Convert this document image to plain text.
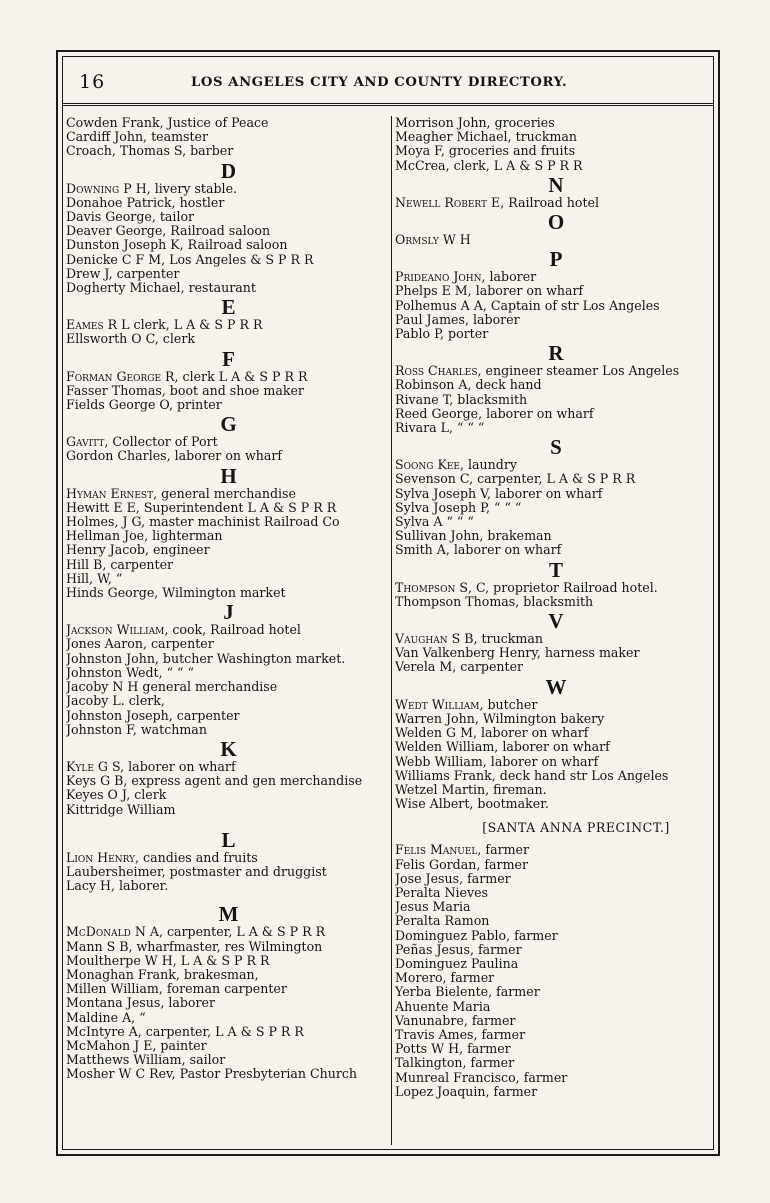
16	LOS ANGELES CITY AND COUNTY DIRECTORY.
Cowden Frank, Justice of Peace
Cardiff John, teamster
Croach, Thomas S, barber
D
Downing P H, livery stable.
Donahoe Patrick, hostler
Davis George, tailor
Deaver George, Railroad saloon
Dunston Joseph K, Railroad saloon
Denicke C F M, Los Angeles & S P R R
Drew J, carpenter
Dogherty Michael, restaurant
E
Eames R L clerk, L A & S P R R
Ellsworth O C, clerk
F
Forman George R, clerk L A & S P R R
Fasser Thomas, boot and shoe maker
Fields George O, printer
G
Gavitt, Collector of Port
Gordon Charles, laborer on wharf
H
Hyman Ernest, general merchandise
Hewitt E E, Superintendent L A & S P R R
Holmes, J G, master machinist Railroad Co
Hellman Joe, lighterman
Henry Jacob, engineer
Hill B, carpenter
Hill, W, “
Hinds George, Wilmington market
J
Jackson William, cook, Railroad hotel
Jones Aaron, carpenter
Johnston John, butcher Washington market.
Johnston Wedt, “ “ “
Jacoby N H general merchandise
Jacoby L. clerk,
Johnston Joseph, carpenter
Johnston F, watchman
K
Kyle G S, laborer on wharf
Keys G B, express agent and gen merchandise
Keyes O J, clerk
Kittridge William
L
Lion Henry, candies and fruits
Laubersheimer, postmaster and druggist
Lacy H, laborer.
M
McDonald N A, carpenter, L A & S P R R
Mann S B, wharfmaster, res Wilmington
Moultherpe W H, L A & S P R R
Monaghan Frank, brakesman,
Millen William, foreman carpenter
Montana Jesus, laborer
Maldine A, “
McIntyre A, carpenter, L A & S P R R
McMahon J E, painter
Matthews William, sailor
Mosher W C Rev, Pastor Presbyterian Church
Morrison John, groceries
Meagher Michael, truckman
Moya F, groceries and fruits
McCrea, clerk, L A & S P R R
N
Newell Robert E, Railroad hotel
O
Ormsly W H
P
Prideano John, laborer
Phelps E M, laborer on wharf
Polhemus A A, Captain of str Los Angeles
Paul James, laborer
Pablo P, porter
R
Ross Charles, engineer steamer Los Angeles
Robinson A, deck hand
Rivane T, blacksmith
Reed George, laborer on wharf
Rivara L, “ “ “
S
Soong Kee, laundry
Sevenson C, carpenter, L A & S P R R
Sylva Joseph V, laborer on wharf
Sylva Joseph P, “ “ “
Sylva A “ “ “
Sullivan John, brakeman
Smith A, laborer on wharf
T
Thompson S, C, proprietor Railroad hotel.
Thompson Thomas, blacksmith
V
Vaughan S B, truckman
Van Valkenberg Henry, harness maker
Verela M, carpenter
W
Wedt William, butcher
Warren John, Wilmington bakery
Welden G M, laborer on wharf
Welden William, laborer on wharf
Webb William, laborer on wharf
Williams Frank, deck hand str Los Angeles
Wetzel Martin, fireman.
Wise Albert, bootmaker.
[SANTA ANNA PRECINCT.]
Felis Manuel, farmer
Felis Gordan, farmer
Jose Jesus, farmer
Peralta Nieves
Jesus Maria
Peralta Ramon
Dominguez Pablo, farmer
Peñas Jesus, farmer
Dominguez Paulina
Morero, farmer
Yerba Bielente, farmer
Ahuente Maria
Vanunabre, farmer
Travis Ames, farmer
Potts W H, farmer
Talkington, farmer
Munreal Francisco, farmer
Lopez Joaquin, farmer
